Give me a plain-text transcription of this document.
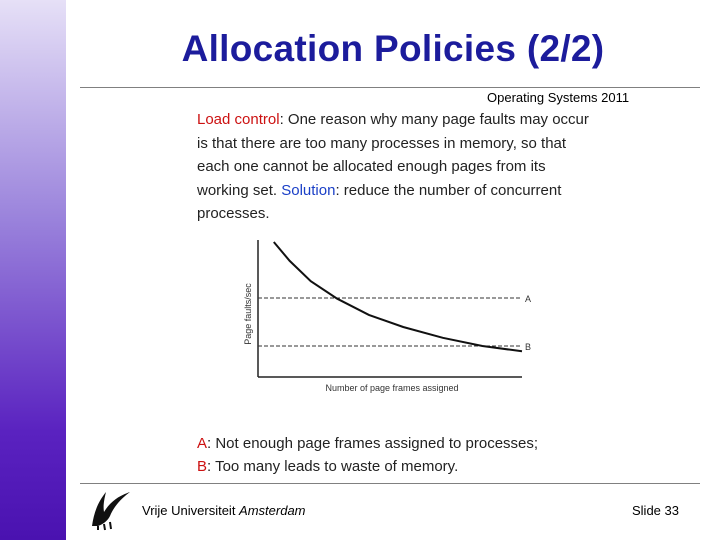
Allocation Policies (2/2)
Operating Systems 2011
Load control: One reason why many page faults may occur is that there are too many processes in memory, so that each one cannot be allocated enough pages from its working set. Solution: reduce the number of concurrent processes.
A
B
Number of page frames assigned
Page faults/sec
A: Not enough page frames assigned to processes;
B: Too many leads to waste of memory.
Vrije Universiteit Amsterdam	Slide 33
